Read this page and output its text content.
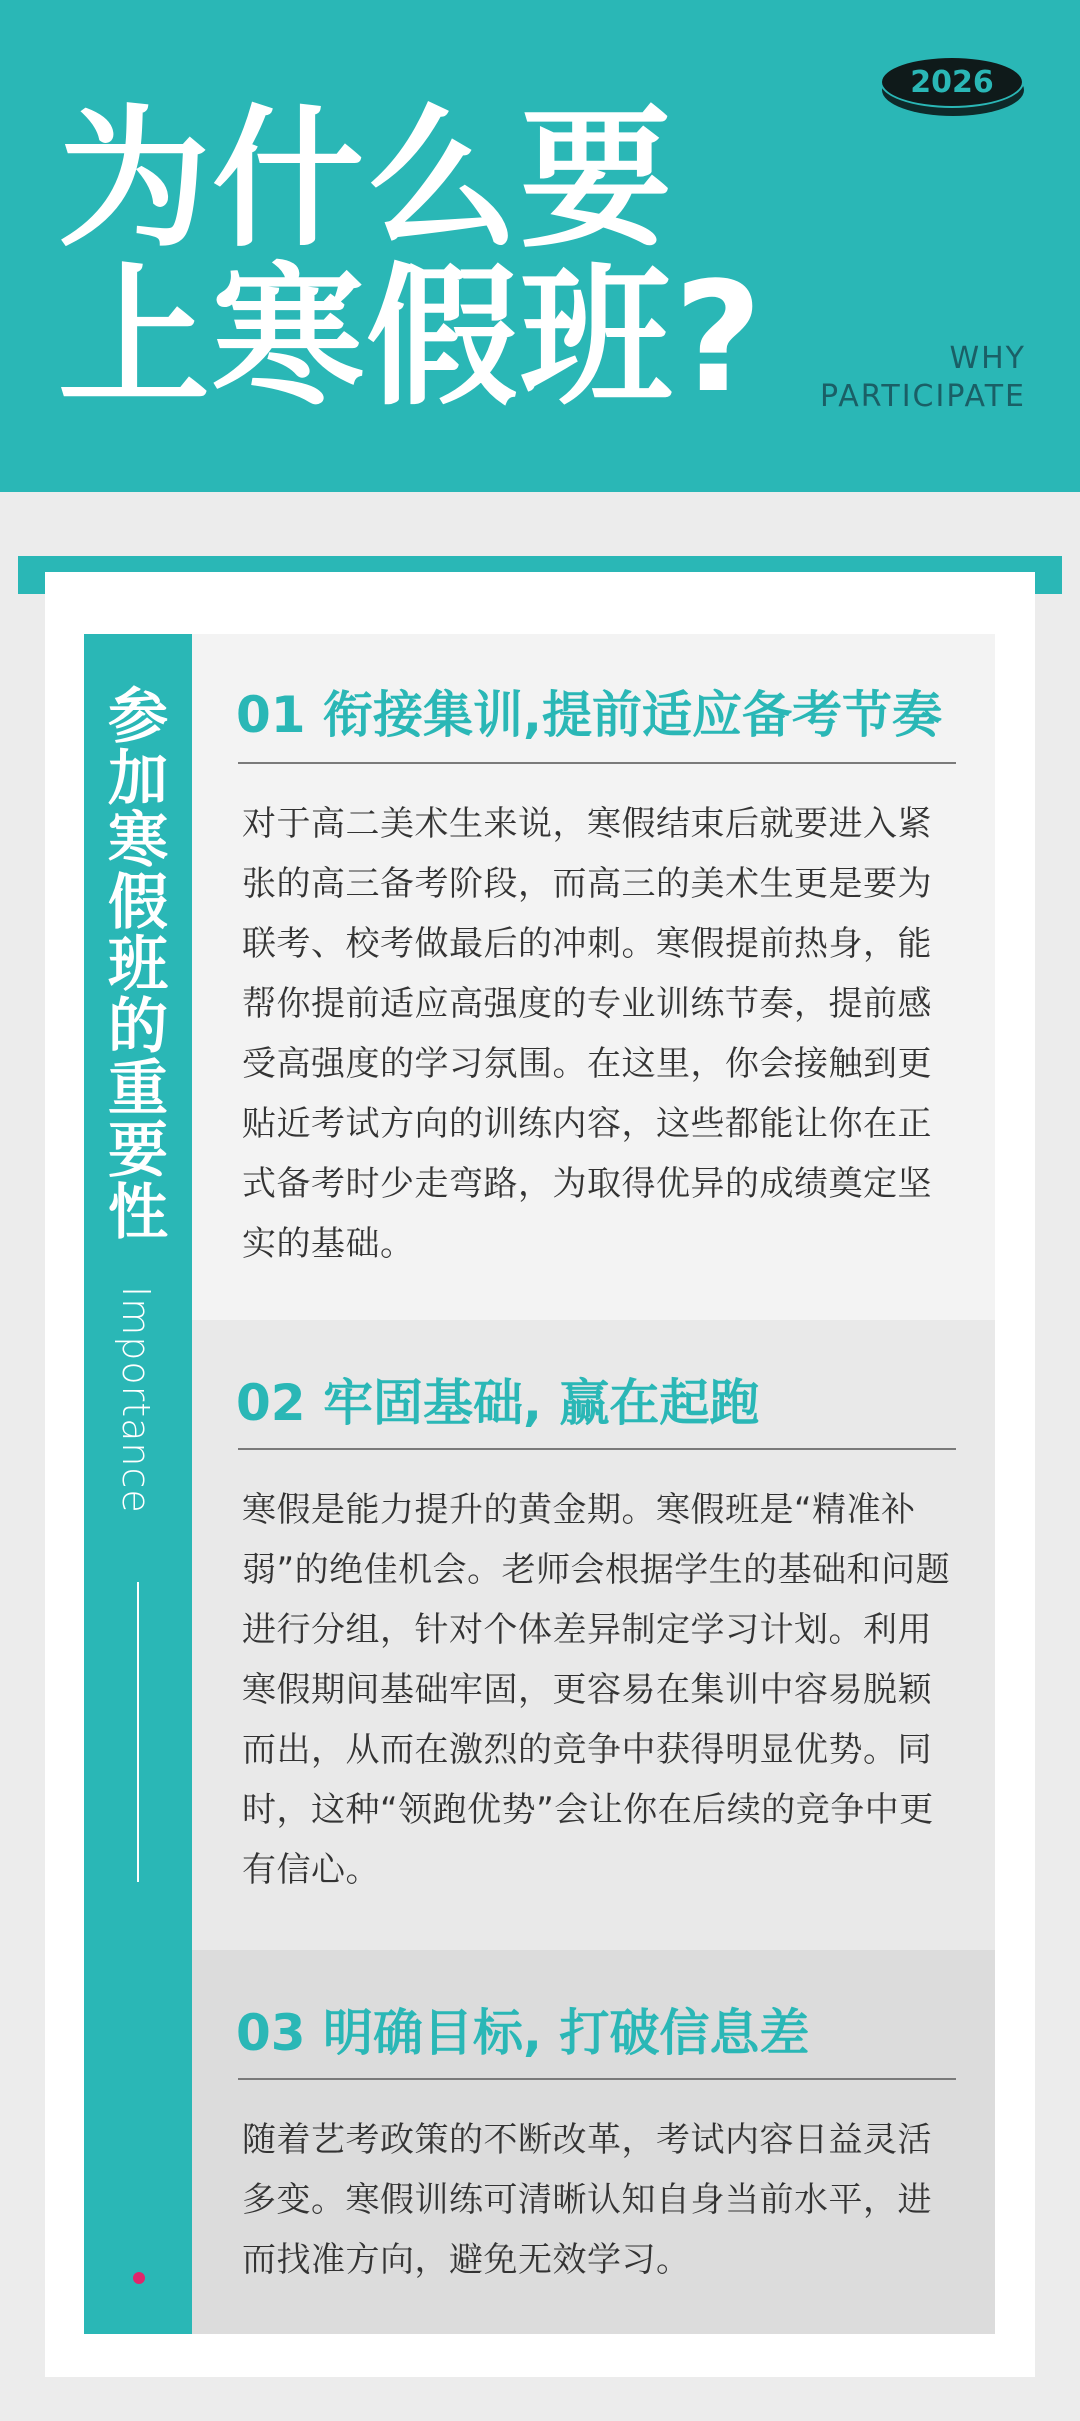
为什么要
上寒假班?
2026
WHY
PARTICIPATE
参
加
寒
假
班
的
重
要
性
Importance
01 衔接集训,提前适应备考节奏
对于高二美术生来说，寒假结束后就要进入紧张的高三备考阶段，而高三的美术生更是要为联考、校考做最后的冲刺。寒假提前热身，能帮你提前适应高强度的专业训练节奏，提前感受高强度的学习氛围。在这里，你会接触到更贴近考试方向的训练内容，这些都能让你在正式备考时少走弯路，为取得优异的成绩奠定坚实的基础。
02 牢固基础, 赢在起跑
寒假是能力提升的黄金期。寒假班是“精准补弱”的绝佳机会。老师会根据学生的基础和问题进行分组，针对个体差异制定学习计划。利用寒假期间基础牢固，更容易在集训中容易脱颖而出，从而在激烈的竞争中获得明显优势。同时，这种“领跑优势”会让你在后续的竞争中更有信心。
03 明确目标, 打破信息差
随着艺考政策的不断改革，考试内容日益灵活多变。寒假训练可清晰认知自身当前水平，进而找准方向，避免无效学习。
